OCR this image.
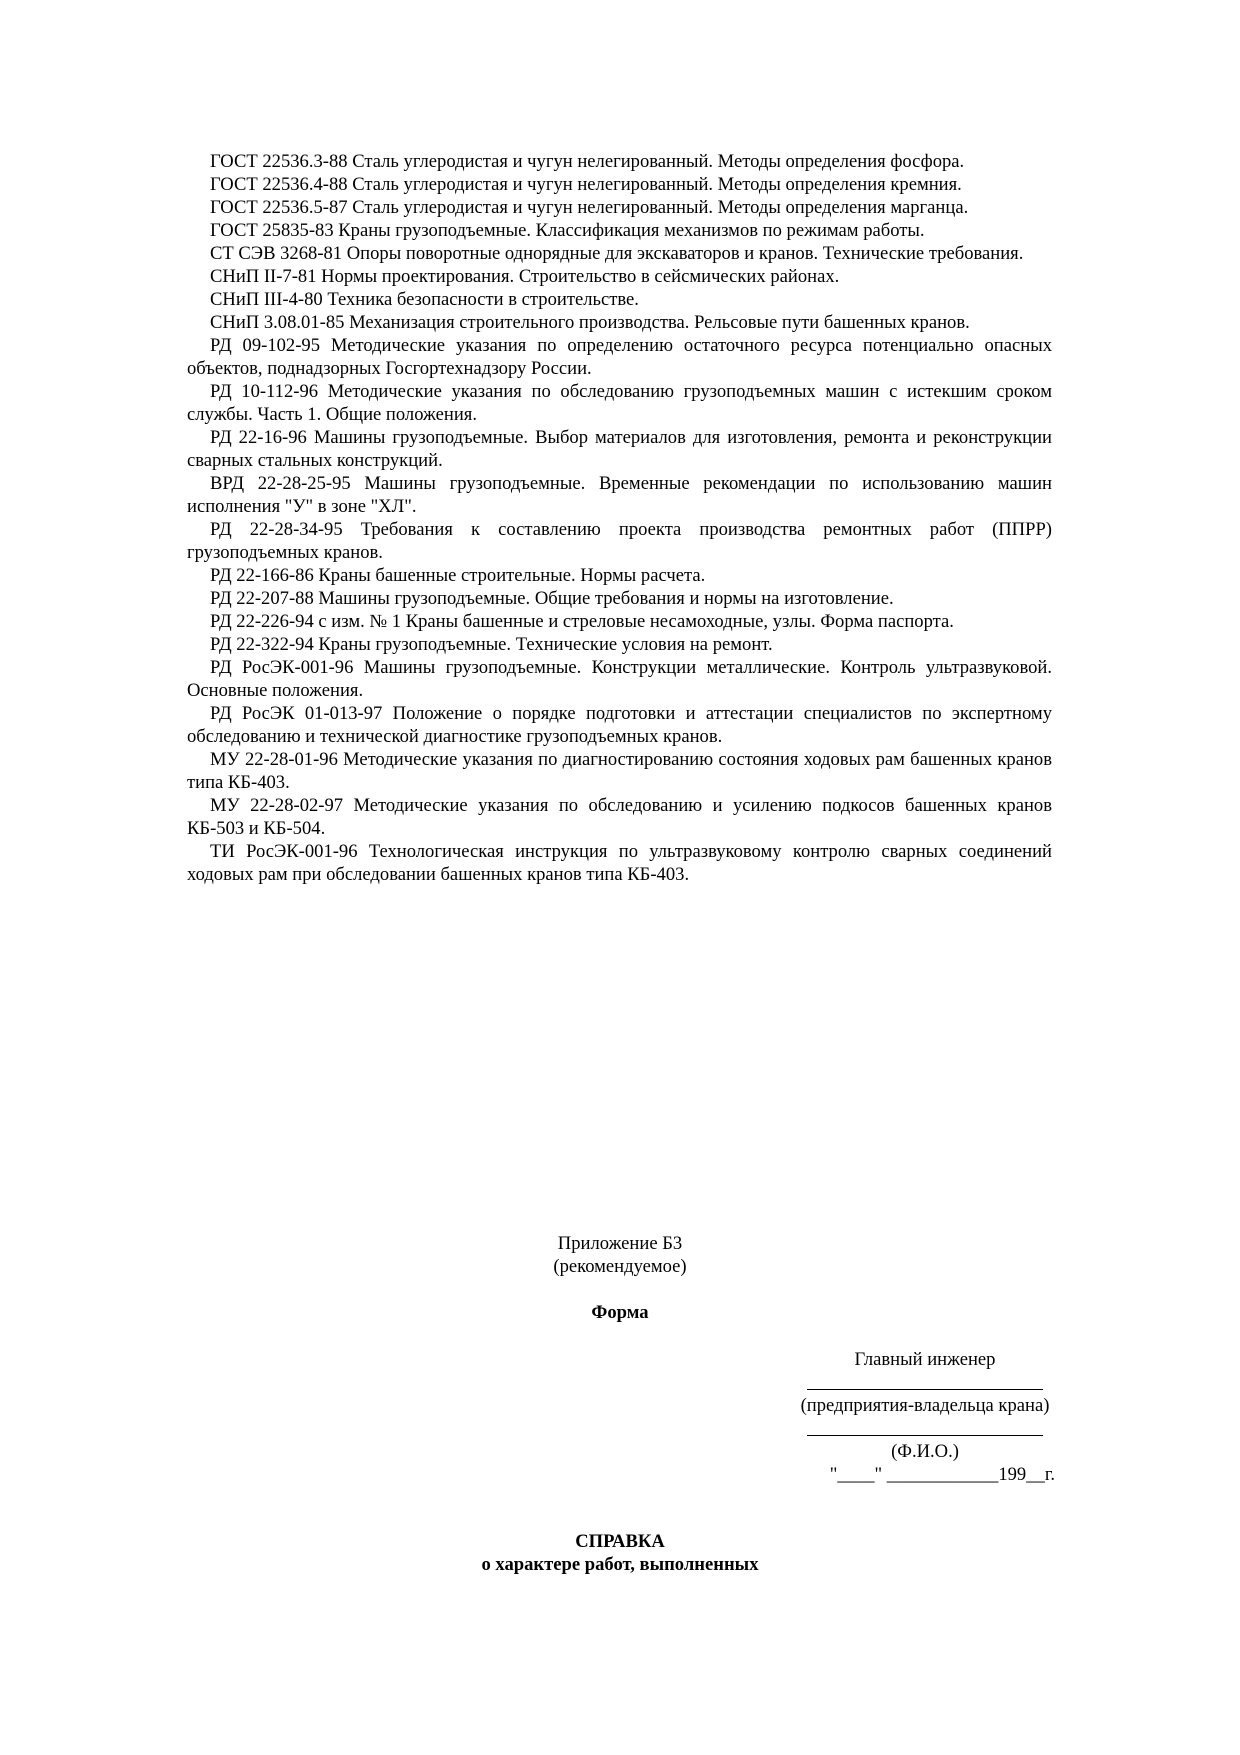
ГОСТ 22536.3-88 Сталь углеродистая и чугун нелегированный. Методы определения фосфора.

ГОСТ 22536.4-88 Сталь углеродистая и чугун нелегированный. Методы определения кремния.

ГОСТ 22536.5-87 Сталь углеродистая и чугун нелегированный. Методы определения марганца.

ГОСТ 25835-83 Краны грузоподъемные. Классификация механизмов по режимам работы.

СТ СЭВ 3268-81 Опоры поворотные однорядные для экскаваторов и кранов. Технические требования.

СНиП II-7-81 Нормы проектирования. Строительство в сейсмических районах.

СНиП III-4-80 Техника безопасности в строительстве.

СНиП 3.08.01-85 Механизация строительного производства. Рельсовые пути башенных кранов.

РД 09-102-95 Методические указания по определению остаточного ресурса потенциально опасных объектов, поднадзорных Госгортехнадзору России.

РД 10-112-96 Методические указания по обследованию грузоподъемных машин с истекшим сроком службы. Часть 1. Общие положения.

РД 22-16-96 Машины грузоподъемные. Выбор материалов для изготовления, ремонта и реконструкции сварных стальных конструкций.

ВРД 22-28-25-95 Машины грузоподъемные. Временные рекомендации по использованию машин исполнения "У" в зоне "ХЛ".

РД 22-28-34-95 Требования к составлению проекта производства ремонтных работ (ППРР) грузоподъемных кранов.

РД 22-166-86 Краны башенные строительные. Нормы расчета.

РД 22-207-88 Машины грузоподъемные. Общие требования и нормы на изготовление.

РД 22-226-94 с изм. № 1 Краны башенные и стреловые несамоходные, узлы. Форма паспорта.

РД 22-322-94 Краны грузоподъемные. Технические условия на ремонт.

РД РосЭК-001-96 Машины грузоподъемные. Конструкции металлические. Контроль ультразвуковой. Основные положения.

РД РосЭК 01-013-97 Положение о порядке подготовки и аттестации специалистов по экспертному обследованию и технической диагностике грузоподъемных кранов.

МУ 22-28-01-96 Методические указания по диагностированию состояния ходовых рам башенных кранов типа КБ-403.

МУ 22-28-02-97 Методические указания по обследованию и усилению подкосов башенных кранов КБ-503 и КБ-504.

ТИ РосЭК-001-96 Технологическая инструкция по ультразвуковому контролю сварных соединений ходовых рам при обследовании башенных кранов типа КБ-403.

Приложение Б3
(рекомендуемое)
Форма
Главный инженер
(предприятия-владельца крана)
(Ф.И.О.)
"____" ____________199__г.
СПРАВКА
о характере работ, выполненных
